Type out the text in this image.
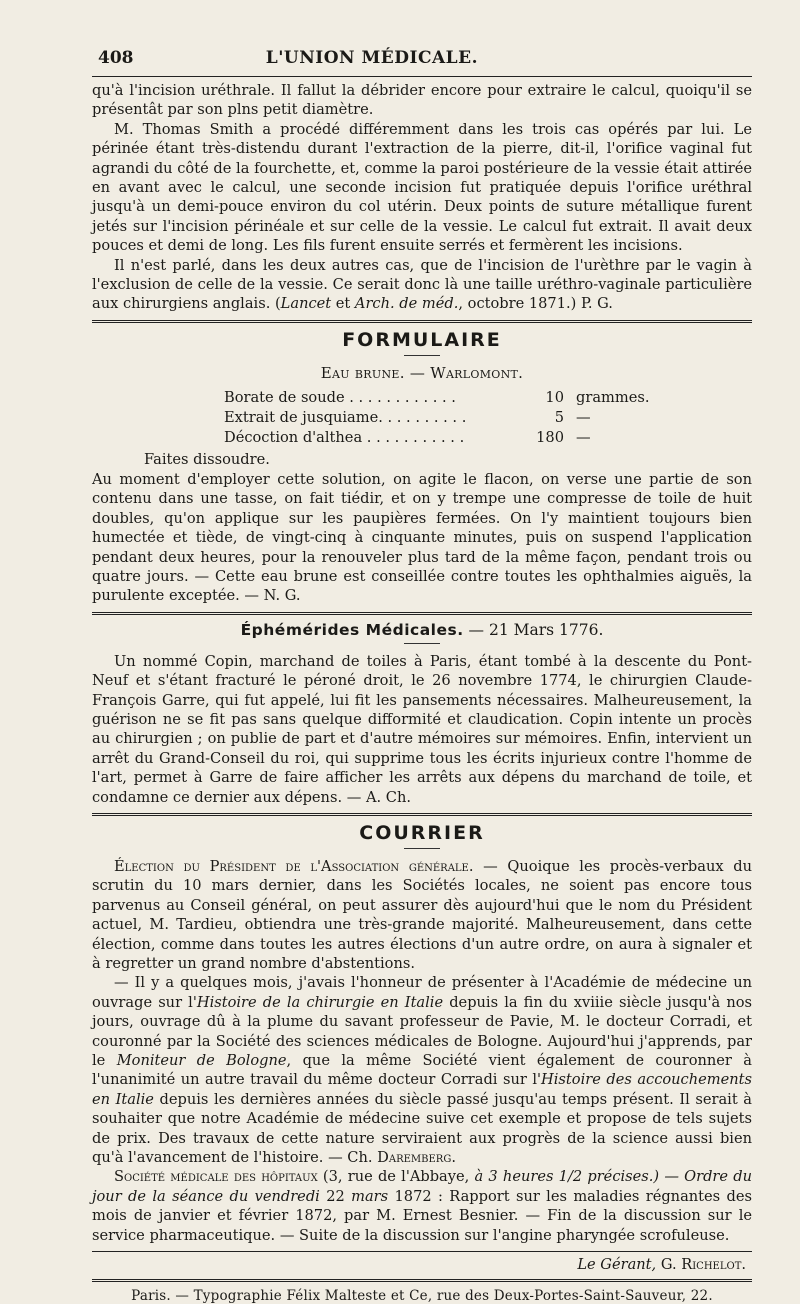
408	L'UNION MÉDICALE.

qu'à l'incision uréthrale. Il fallut la débrider encore pour extraire le calcul, quoiqu'il se présentât par son plns petit diamètre.

M. Thomas Smith a procédé différemment dans les trois cas opérés par lui. Le périnée étant très-distendu durant l'extraction de la pierre, dit-il, l'orifice vaginal fut agrandi du côté de la fourchette, et, comme la paroi postérieure de la vessie était attirée en avant avec le calcul, une seconde incision fut pratiquée depuis l'orifice uréthral jusqu'à un demi-pouce environ du col utérin. Deux points de suture métallique furent jetés sur l'incision périnéale et sur celle de la vessie. Le calcul fut extrait. Il avait deux pouces et demi de long. Les fils furent ensuite serrés et fermèrent les incisions.

Il n'est parlé, dans les deux autres cas, que de l'incision de l'urèthre par le vagin à l'exclusion de celle de la vessie. Ce serait donc là une taille uréthro-vaginale particulière aux chirurgiens anglais. (Lancet et Arch. de méd., octobre 1871.) P. G.

FORMULAIRE
Eau brune. — Warlomont.
Borate de soude . . . . . . . . . . . .	10 grammes.
Extrait de jusquiame. . . . . . . . . .	5 —
Décoction d'althea . . . . . . . . . . .	180 —
Faites dissoudre.

Au moment d'employer cette solution, on agite le flacon, on verse une partie de son contenu dans une tasse, on fait tiédir, et on y trempe une compresse de toile de huit doubles, qu'on applique sur les paupières fermées. On l'y maintient toujours bien humectée et tiède, de vingt-cinq à cinquante minutes, puis on suspend l'application pendant deux heures, pour la renouveler plus tard de la même façon, pendant trois ou quatre jours. — Cette eau brune est conseillée contre toutes les ophthalmies aiguës, la purulente exceptée. — N. G.

Éphémérides Médicales. — 21 Mars 1776.

Un nommé Copin, marchand de toiles à Paris, étant tombé à la descente du Pont-Neuf et s'étant fracturé le péroné droit, le 26 novembre 1774, le chirurgien Claude-François Garre, qui fut appelé, lui fit les pansements nécessaires. Malheureusement, la guérison ne se fit pas sans quelque difformité et claudication. Copin intente un procès au chirurgien ; on publie de part et d'autre mémoires sur mémoires. Enfin, intervient un arrêt du Grand-Conseil du roi, qui supprime tous les écrits injurieux contre l'homme de l'art, permet à Garre de faire afficher les arrêts aux dépens du marchand de toile, et condamne ce dernier aux dépens. — A. Ch.

COURRIER

Élection du Président de l'Association générale. — Quoique les procès-verbaux du scrutin du 10 mars dernier, dans les Sociétés locales, ne soient pas encore tous parvenus au Conseil général, on peut assurer dès aujourd'hui que le nom du Président actuel, M. Tardieu, obtiendra une très-grande majorité. Malheureusement, dans cette élection, comme dans toutes les autres élections d'un autre ordre, on aura à signaler et à regretter un grand nombre d'abstentions.

— Il y a quelques mois, j'avais l'honneur de présenter à l'Académie de médecine un ouvrage sur l'Histoire de la chirurgie en Italie depuis la fin du xviiie siècle jusqu'à nos jours, ouvrage dû à la plume du savant professeur de Pavie, M. le docteur Corradi, et couronné par la Société des sciences médicales de Bologne. Aujourd'hui j'apprends, par le Moniteur de Bologne, que la même Société vient également de couronner à l'unanimité un autre travail du même docteur Corradi sur l'Histoire des accouchements en Italie depuis les dernières années du siècle passé jusqu'au temps présent. Il serait à souhaiter que notre Académie de médecine suive cet exemple et propose de tels sujets de prix. Des travaux de cette nature serviraient aux progrès de la science aussi bien qu'à l'avancement de l'histoire. — Ch. Daremberg.

Société médicale des hôpitaux (3, rue de l'Abbaye, à 3 heures 1/2 précises.) — Ordre du jour de la séance du vendredi 22 mars 1872 : Rapport sur les maladies régnantes des mois de janvier et février 1872, par M. Ernest Besnier. — Fin de la discussion sur le service pharmaceutique. — Suite de la discussion sur l'angine pharyngée scrofuleuse.

Le Gérant, G. Richelot.
Paris. — Typographie Félix Malteste et Ce, rue des Deux-Portes-Saint-Sauveur, 22.
